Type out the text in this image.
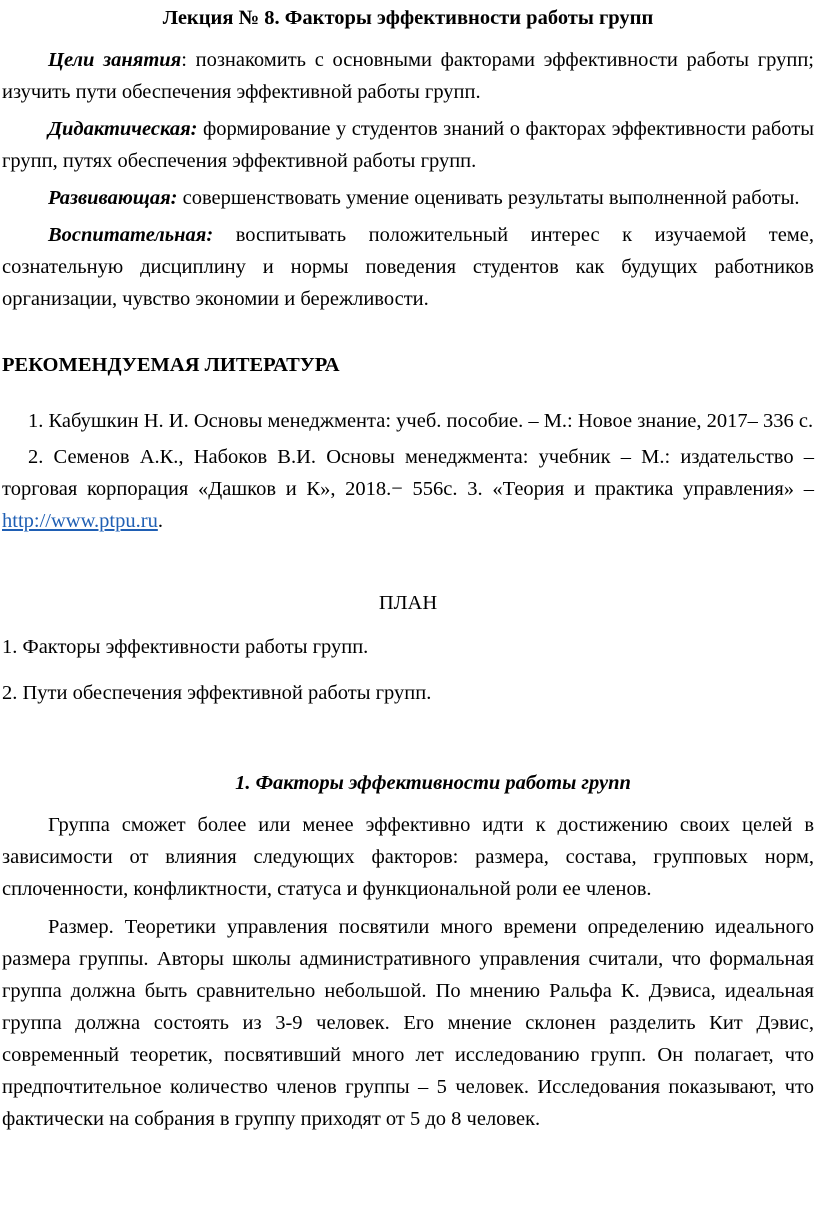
Лекция № 8. Факторы эффективности работы групп

Цели занятия: познакомить с основными факторами эффективности работы групп; изучить пути обеспечения эффективной работы групп.

Дидактическая: формирование у студентов знаний о факторах эффективности работы групп, путях обеспечения эффективной работы групп.

Развивающая: совершенствовать умение оценивать результаты выполненной работы.

Воспитательная: воспитывать положительный интерес к изучаемой теме, сознательную дисциплину и нормы поведения студентов как будущих работников организации, чувство экономии и бережливости.

РЕКОМЕНДУЕМАЯ ЛИТЕРАТУРА

1. Кабушкин Н. И. Основы менеджмента: учеб. пособие. – М.: Новое знание, 2017– 336 с.

2. Семенов А.К., Набоков В.И. Основы менеджмента: учебник – М.: издательство – торговая корпорация «Дашков и К», 2018.− 556с. 3. «Теория и практика управления» – http://www.ptpu.ru.

ПЛАН

1. Факторы эффективности работы групп.

2. Пути обеспечения эффективной работы групп.

1. Факторы эффективности работы групп

Группа сможет более или менее эффективно идти к достижению своих целей в зависимости от влияния следующих факторов: размера, состава, групповых норм, сплоченности, конфликтности, статуса и функциональной роли ее членов.

Размер. Теоретики управления посвятили много времени определению идеального размера группы. Авторы школы административного управления считали, что формальная группа должна быть сравнительно небольшой. По мнению Ральфа К. Дэвиса, идеальная группа должна состоять из 3-9 человек. Его мнение склонен разделить Кит Дэвис, современный теоретик, посвятивший много лет исследованию групп. Он полагает, что предпочтительное количество членов группы – 5 человек. Исследования показывают, что фактически на собрания в группу приходят от 5 до 8 человек.
